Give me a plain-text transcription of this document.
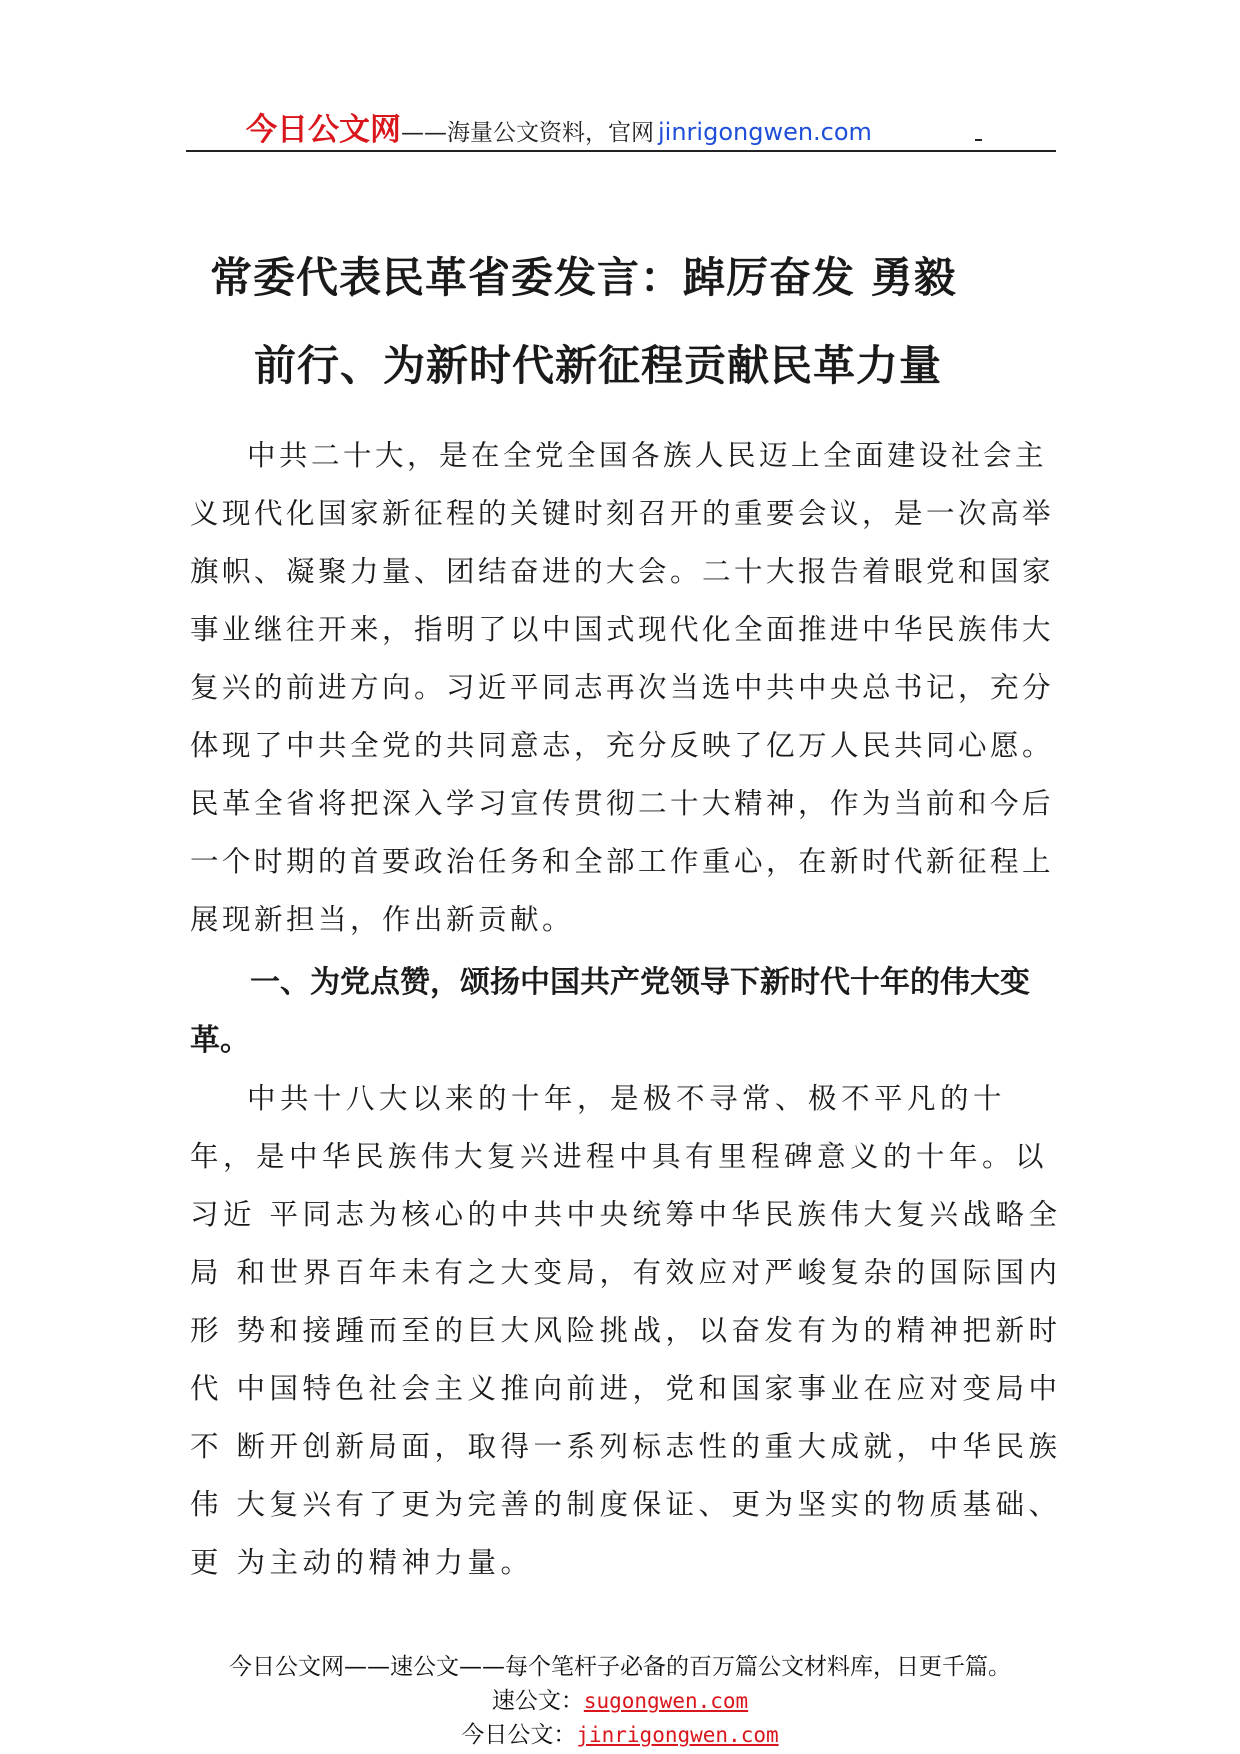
今日公文网——海量公文资料，官网 jinrigongwen.com
常委代表民革省委发言：踔厉奋发 勇毅
前行、为新时代新征程贡献民革力量

中共二十大，是在全党全国各族人民迈上全面建设社会主义现代化国家新征程的关键时刻召开的重要会议，是一次高举旗帜、凝聚力量、团结奋进的大会。二十大报告着眼党和国家事业继往开来，指明了以中国式现代化全面推进中华民族伟大复兴的前进方向。习近平同志再次当选中共中央总书记，充分体现了中共全党的共同意志，充分反映了亿万人民共同心愿。民革全省将把深入学习宣传贯彻二十大精神，作为当前和今后一个时期的首要政治任务和全部工作重心，在新时代新征程上展现新担当，作出新贡献。

一、为党点赞，颂扬中国共产党领导下新时代十年的伟大变革。

中共十八大以来的十年，是极不寻常、极不平凡的十年，是中华民族伟大复兴进程中具有里程碑意义的十年。以习近 平同志为核心的中共中央统筹中华民族伟大复兴战略全局 和世界百年未有之大变局，有效应对严峻复杂的国际国内形 势和接踵而至的巨大风险挑战，以奋发有为的精神把新时代 中国特色社会主义推向前进，党和国家事业在应对变局中不 断开创新局面，取得一系列标志性的重大成就，中华民族伟 大复兴有了更为完善的制度保证、更为坚实的物质基础、更 为主动的精神力量。

今日公文网——速公文——每个笔杆子必备的百万篇公文材料库，日更千篇。
速公文：sugongwen.com
今日公文：jinrigongwen.com
